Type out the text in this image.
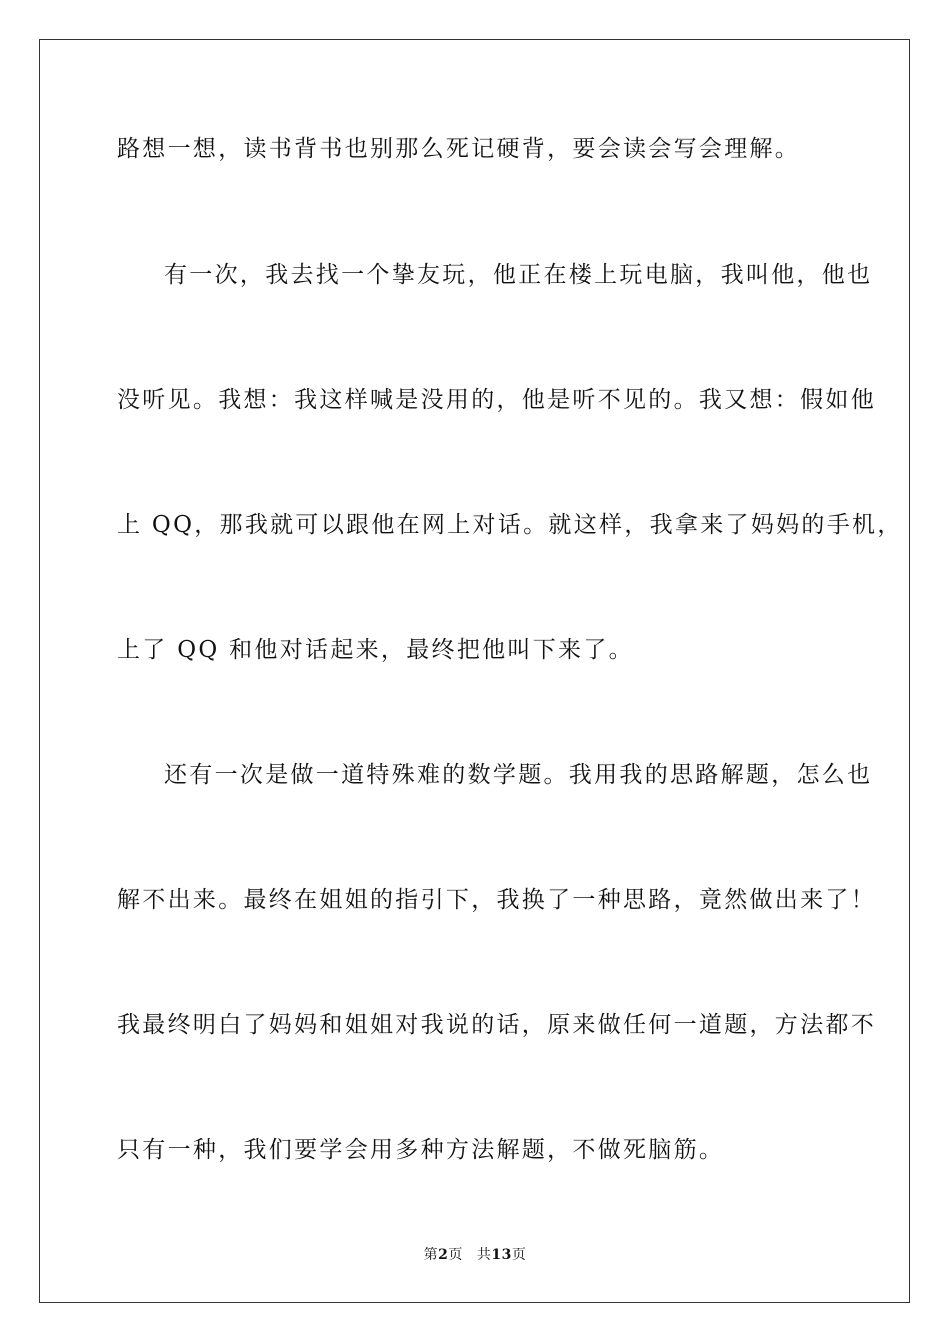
路想一想，读书背书也别那么死记硬背，要会读会写会理解。
有一次，我去找一个挚友玩，他正在楼上玩电脑，我叫他，他也
没听见。我想：我这样喊是没用的，他是听不见的。我又想：假如他
上 QQ，那我就可以跟他在网上对话。就这样，我拿来了妈妈的手机，
上了 QQ 和他对话起来，最终把他叫下来了。
还有一次是做一道特殊难的数学题。我用我的思路解题，怎么也
解不出来。最终在姐姐的指引下，我换了一种思路，竟然做出来了！
我最终明白了妈妈和姐姐对我说的话，原来做任何一道题，方法都不
只有一种，我们要学会用多种方法解题，不做死脑筋。
第2页 共13页
